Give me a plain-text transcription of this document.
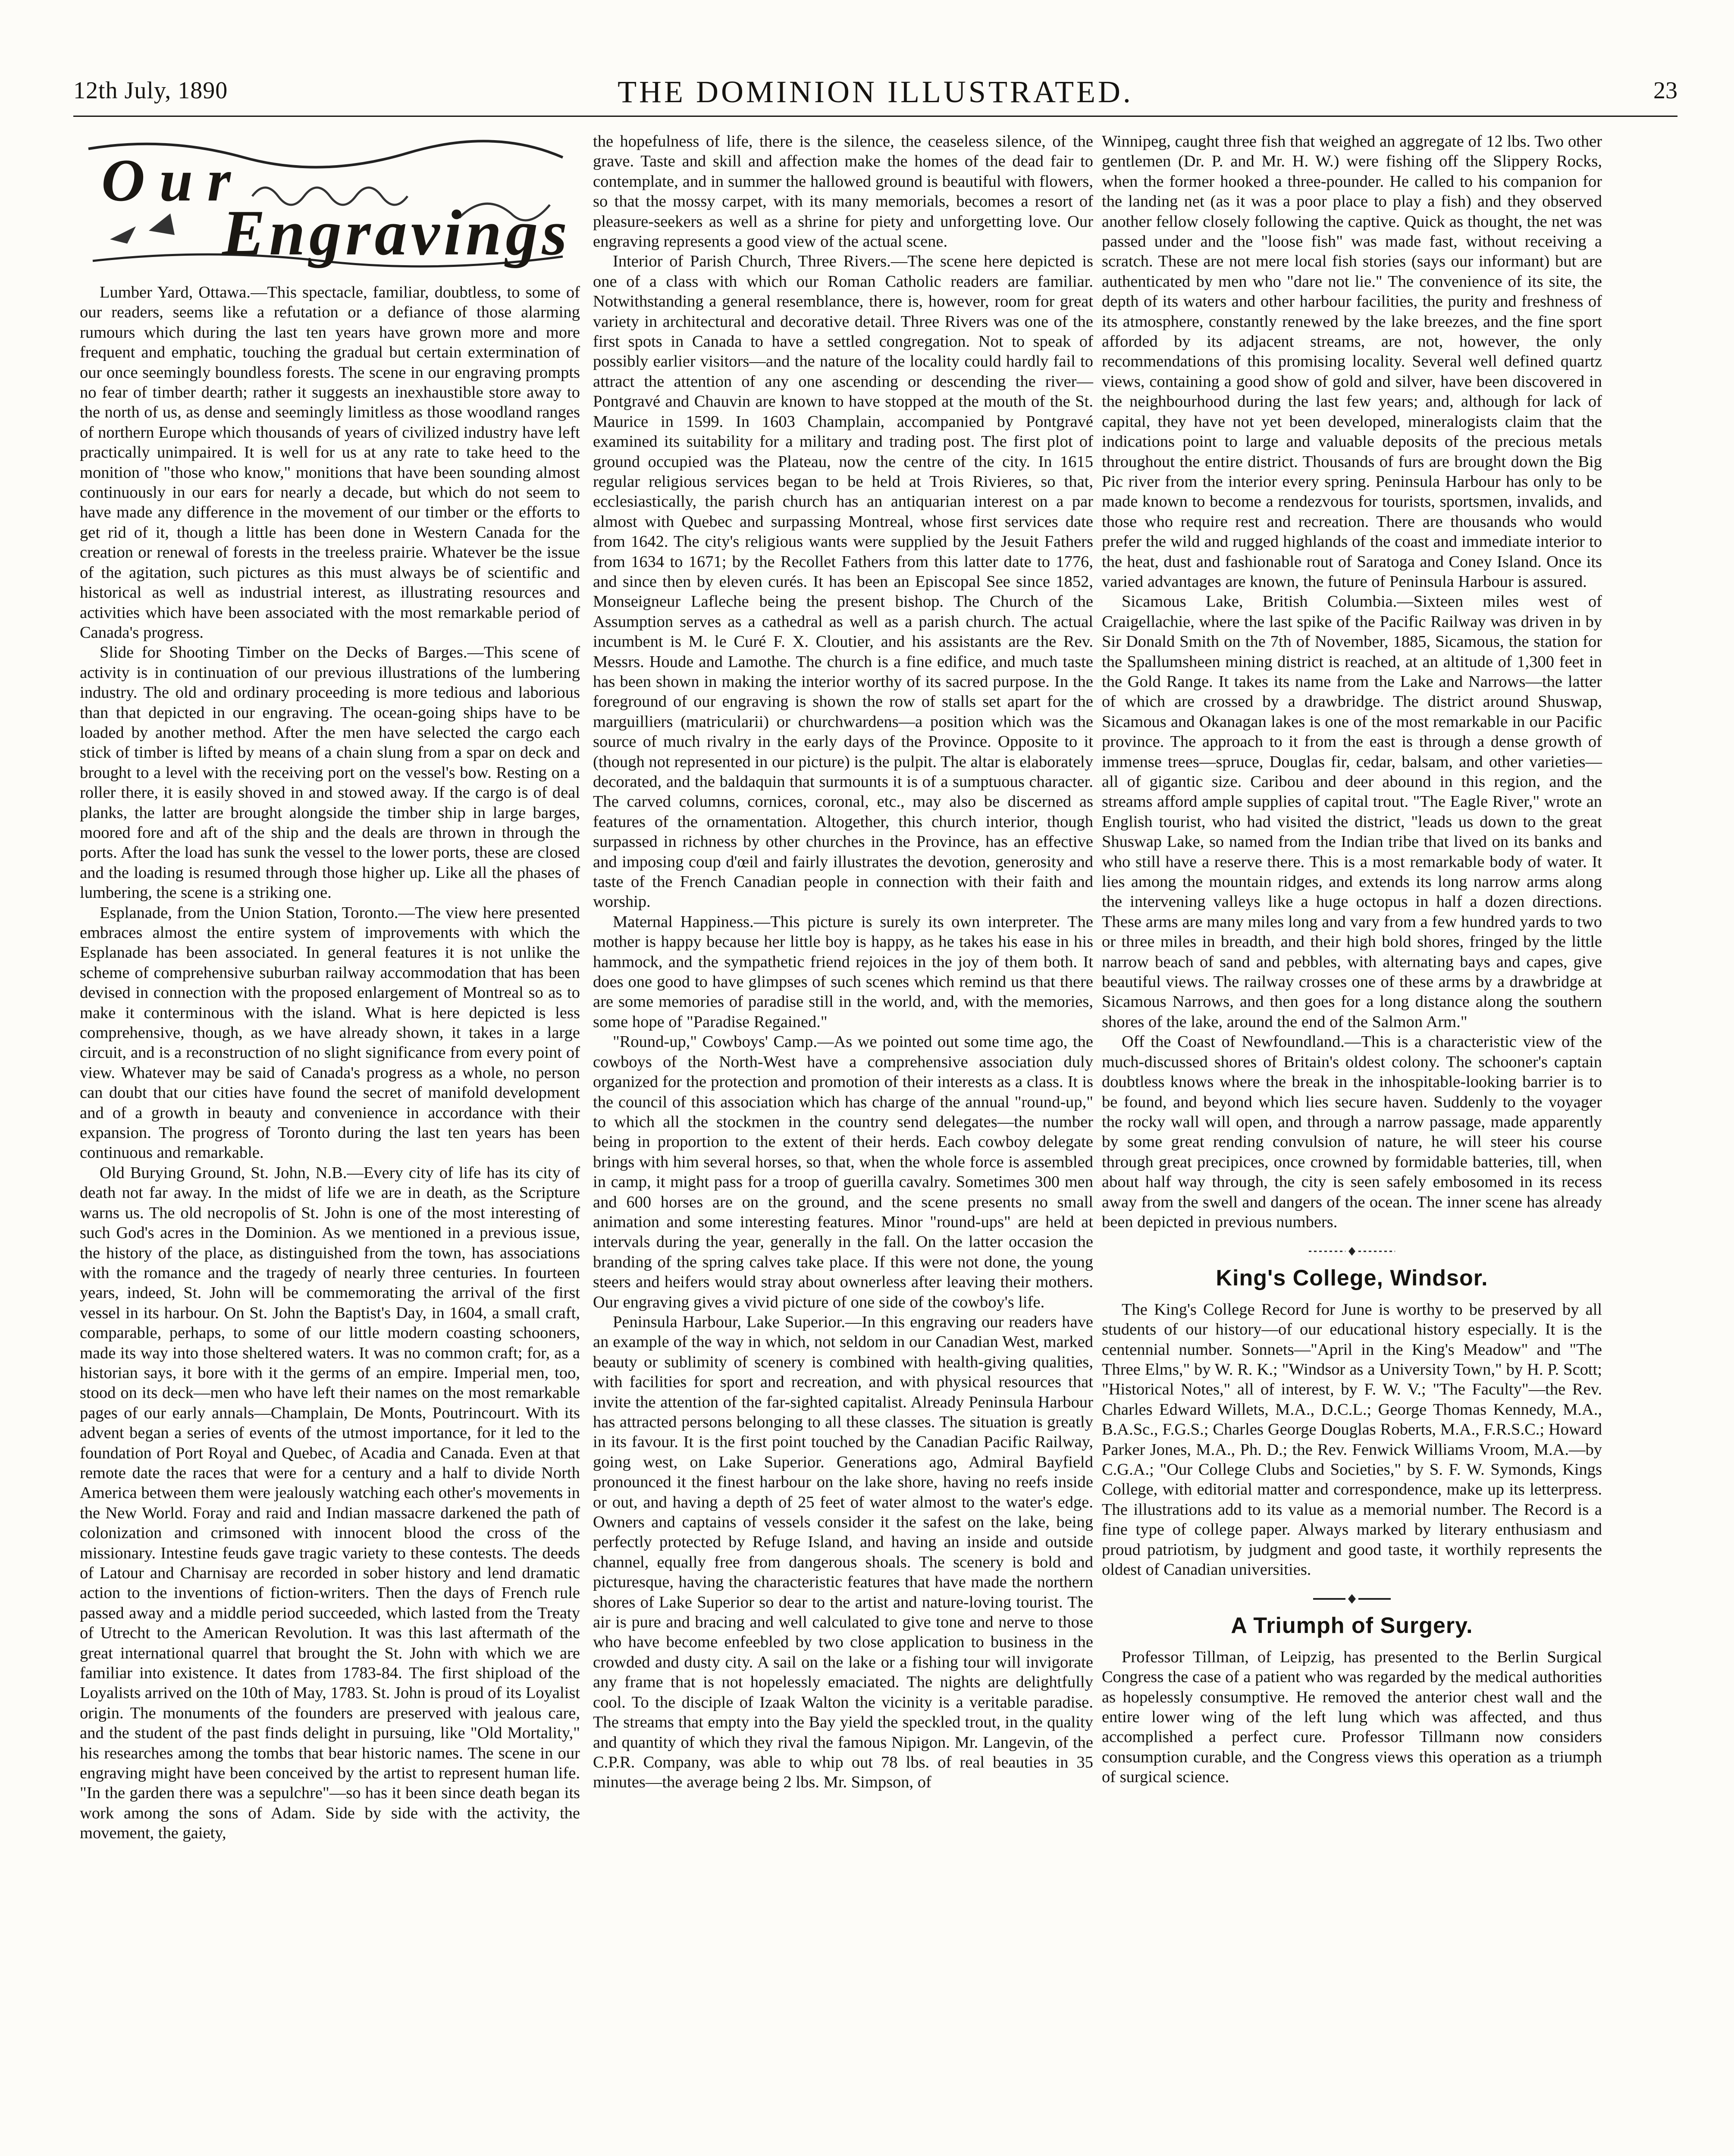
12th July, 1890	THE DOMINION ILLUSTRATED.	23
Our
Engravings

Lumber Yard, Ottawa.—This spectacle, familiar, doubtless, to some of our readers, seems like a refutation or a defiance of those alarming rumours which during the last ten years have grown more and more frequent and emphatic, touching the gradual but certain extermination of our once seemingly boundless forests. The scene in our engraving prompts no fear of timber dearth; rather it suggests an inexhaustible store away to the north of us, as dense and seemingly limitless as those woodland ranges of northern Europe which thousands of years of civilized industry have left practically unimpaired. It is well for us at any rate to take heed to the monition of "those who know," monitions that have been sounding almost continuously in our ears for nearly a decade, but which do not seem to have made any difference in the movement of our timber or the efforts to get rid of it, though a little has been done in Western Canada for the creation or renewal of forests in the treeless prairie. Whatever be the issue of the agitation, such pictures as this must always be of scientific and historical as well as industrial interest, as illustrating resources and activities which have been associated with the most remarkable period of Canada's progress.

Slide for Shooting Timber on the Decks of Barges.—This scene of activity is in continuation of our previous illustrations of the lumbering industry. The old and ordinary proceeding is more tedious and laborious than that depicted in our engraving. The ocean-going ships have to be loaded by another method. After the men have selected the cargo each stick of timber is lifted by means of a chain slung from a spar on deck and brought to a level with the receiving port on the vessel's bow. Resting on a roller there, it is easily shoved in and stowed away. If the cargo is of deal planks, the latter are brought alongside the timber ship in large barges, moored fore and aft of the ship and the deals are thrown in through the ports. After the load has sunk the vessel to the lower ports, these are closed and the loading is resumed through those higher up. Like all the phases of lumbering, the scene is a striking one.

Esplanade, from the Union Station, Toronto.—The view here presented embraces almost the entire system of improvements with which the Esplanade has been associated. In general features it is not unlike the scheme of comprehensive suburban railway accommodation that has been devised in connection with the proposed enlargement of Montreal so as to make it conterminous with the island. What is here depicted is less comprehensive, though, as we have already shown, it takes in a large circuit, and is a reconstruction of no slight significance from every point of view. Whatever may be said of Canada's progress as a whole, no person can doubt that our cities have found the secret of manifold development and of a growth in beauty and convenience in accordance with their expansion. The progress of Toronto during the last ten years has been continuous and remarkable.

Old Burying Ground, St. John, N.B.—Every city of life has its city of death not far away. In the midst of life we are in death, as the Scripture warns us. The old necropolis of St. John is one of the most interesting of such God's acres in the Dominion. As we mentioned in a previous issue, the history of the place, as distinguished from the town, has associations with the romance and the tragedy of nearly three centuries. In fourteen years, indeed, St. John will be commemorating the arrival of the first vessel in its harbour. On St. John the Baptist's Day, in 1604, a small craft, comparable, perhaps, to some of our little modern coasting schooners, made its way into those sheltered waters. It was no common craft; for, as a historian says, it bore with it the germs of an empire. Imperial men, too, stood on its deck—men who have left their names on the most remarkable pages of our early annals—Champlain, De Monts, Poutrincourt. With its advent began a series of events of the utmost importance, for it led to the foundation of Port Royal and Quebec, of Acadia and Canada. Even at that remote date the races that were for a century and a half to divide North America between them were jealously watching each other's movements in the New World. Foray and raid and Indian massacre darkened the path of colonization and crimsoned with innocent blood the cross of the missionary. Intestine feuds gave tragic variety to these contests. The deeds of Latour and Charnisay are recorded in sober history and lend dramatic action to the inventions of fiction-writers. Then the days of French rule passed away and a middle period succeeded, which lasted from the Treaty of Utrecht to the American Revolution. It was this last aftermath of the great international quarrel that brought the St. John with which we are familiar into existence. It dates from 1783-84. The first shipload of the Loyalists arrived on the 10th of May, 1783. St. John is proud of its Loyalist origin. The monuments of the founders are preserved with jealous care, and the student of the past finds delight in pursuing, like "Old Mortality," his researches among the tombs that bear historic names. The scene in our engraving might have been conceived by the artist to represent human life. "In the garden there was a sepulchre"—so has it been since death began its work among the sons of Adam. Side by side with the activity, the movement, the gaiety,

the hopefulness of life, there is the silence, the ceaseless silence, of the grave. Taste and skill and affection make the homes of the dead fair to contemplate, and in summer the hallowed ground is beautiful with flowers, so that the mossy carpet, with its many memorials, becomes a resort of pleasure-seekers as well as a shrine for piety and unforgetting love. Our engraving represents a good view of the actual scene.

Interior of Parish Church, Three Rivers.—The scene here depicted is one of a class with which our Roman Catholic readers are familiar. Notwithstanding a general resemblance, there is, however, room for great variety in architectural and decorative detail. Three Rivers was one of the first spots in Canada to have a settled congregation. Not to speak of possibly earlier visitors—and the nature of the locality could hardly fail to attract the attention of any one ascending or descending the river—Pontgravé and Chauvin are known to have stopped at the mouth of the St. Maurice in 1599. In 1603 Champlain, accompanied by Pontgravé examined its suitability for a military and trading post. The first plot of ground occupied was the Plateau, now the centre of the city. In 1615 regular religious services began to be held at Trois Rivieres, so that, ecclesiastically, the parish church has an antiquarian interest on a par almost with Quebec and surpassing Montreal, whose first services date from 1642. The city's religious wants were supplied by the Jesuit Fathers from 1634 to 1671; by the Recollet Fathers from this latter date to 1776, and since then by eleven curés. It has been an Episcopal See since 1852, Monseigneur Lafleche being the present bishop. The Church of the Assumption serves as a cathedral as well as a parish church. The actual incumbent is M. le Curé F. X. Cloutier, and his assistants are the Rev. Messrs. Houde and Lamothe. The church is a fine edifice, and much taste has been shown in making the interior worthy of its sacred purpose. In the foreground of our engraving is shown the row of stalls set apart for the marguilliers (matricularii) or churchwardens—a position which was the source of much rivalry in the early days of the Province. Opposite to it (though not represented in our picture) is the pulpit. The altar is elaborately decorated, and the baldaquin that surmounts it is of a sumptuous character. The carved columns, cornices, coronal, etc., may also be discerned as features of the ornamentation. Altogether, this church interior, though surpassed in richness by other churches in the Province, has an effective and imposing coup d'œil and fairly illustrates the devotion, generosity and taste of the French Canadian people in connection with their faith and worship.

Maternal Happiness.—This picture is surely its own interpreter. The mother is happy because her little boy is happy, as he takes his ease in his hammock, and the sympathetic friend rejoices in the joy of them both. It does one good to have glimpses of such scenes which remind us that there are some memories of paradise still in the world, and, with the memories, some hope of "Paradise Regained."

"Round-up," Cowboys' Camp.—As we pointed out some time ago, the cowboys of the North-West have a comprehensive association duly organized for the protection and promotion of their interests as a class. It is the council of this association which has charge of the annual "round-up," to which all the stockmen in the country send delegates—the number being in proportion to the extent of their herds. Each cowboy delegate brings with him several horses, so that, when the whole force is assembled in camp, it might pass for a troop of guerilla cavalry. Sometimes 300 men and 600 horses are on the ground, and the scene presents no small animation and some interesting features. Minor "round-ups" are held at intervals during the year, generally in the fall. On the latter occasion the branding of the spring calves take place. If this were not done, the young steers and heifers would stray about ownerless after leaving their mothers. Our engraving gives a vivid picture of one side of the cowboy's life.

Peninsula Harbour, Lake Superior.—In this engraving our readers have an example of the way in which, not seldom in our Canadian West, marked beauty or sublimity of scenery is combined with health-giving qualities, with facilities for sport and recreation, and with physical resources that invite the attention of the far-sighted capitalist. Already Peninsula Harbour has attracted persons belonging to all these classes. The situation is greatly in its favour. It is the first point touched by the Canadian Pacific Railway, going west, on Lake Superior. Generations ago, Admiral Bayfield pronounced it the finest harbour on the lake shore, having no reefs inside or out, and having a depth of 25 feet of water almost to the water's edge. Owners and captains of vessels consider it the safest on the lake, being perfectly protected by Refuge Island, and having an inside and outside channel, equally free from dangerous shoals. The scenery is bold and picturesque, having the characteristic features that have made the northern shores of Lake Superior so dear to the artist and nature-loving tourist. The air is pure and bracing and well calculated to give tone and nerve to those who have become enfeebled by two close application to business in the crowded and dusty city. A sail on the lake or a fishing tour will invigorate any frame that is not hopelessly emaciated. The nights are delightfully cool. To the disciple of Izaak Walton the vicinity is a veritable paradise. The streams that empty into the Bay yield the speckled trout, in the quality and quantity of which they rival the famous Nipigon. Mr. Langevin, of the C.P.R. Company, was able to whip out 78 lbs. of real beauties in 35 minutes—the average being 2 lbs. Mr. Simpson, of

Winnipeg, caught three fish that weighed an aggregate of 12 lbs. Two other gentlemen (Dr. P. and Mr. H. W.) were fishing off the Slippery Rocks, when the former hooked a three-pounder. He called to his companion for the landing net (as it was a poor place to play a fish) and they observed another fellow closely following the captive. Quick as thought, the net was passed under and the "loose fish" was made fast, without receiving a scratch. These are not mere local fish stories (says our informant) but are authenticated by men who "dare not lie." The convenience of its site, the depth of its waters and other harbour facilities, the purity and freshness of its atmosphere, constantly renewed by the lake breezes, and the fine sport afforded by its adjacent streams, are not, however, the only recommendations of this promising locality. Several well defined quartz views, containing a good show of gold and silver, have been discovered in the neighbourhood during the last few years; and, although for lack of capital, they have not yet been developed, mineralogists claim that the indications point to large and valuable deposits of the precious metals throughout the entire district. Thousands of furs are brought down the Big Pic river from the interior every spring. Peninsula Harbour has only to be made known to become a rendezvous for tourists, sportsmen, invalids, and those who require rest and recreation. There are thousands who would prefer the wild and rugged highlands of the coast and immediate interior to the heat, dust and fashionable rout of Saratoga and Coney Island. Once its varied advantages are known, the future of Peninsula Harbour is assured.

Sicamous Lake, British Columbia.—Sixteen miles west of Craigellachie, where the last spike of the Pacific Railway was driven in by Sir Donald Smith on the 7th of November, 1885, Sicamous, the station for the Spallumsheen mining district is reached, at an altitude of 1,300 feet in the Gold Range. It takes its name from the Lake and Narrows—the latter of which are crossed by a drawbridge. The district around Shuswap, Sicamous and Okanagan lakes is one of the most remarkable in our Pacific province. The approach to it from the east is through a dense growth of immense trees—spruce, Douglas fir, cedar, balsam, and other varieties—all of gigantic size. Caribou and deer abound in this region, and the streams afford ample supplies of capital trout. "The Eagle River," wrote an English tourist, who had visited the district, "leads us down to the great Shuswap Lake, so named from the Indian tribe that lived on its banks and who still have a reserve there. This is a most remarkable body of water. It lies among the mountain ridges, and extends its long narrow arms along the intervening valleys like a huge octopus in half a dozen directions. These arms are many miles long and vary from a few hundred yards to two or three miles in breadth, and their high bold shores, fringed by the little narrow beach of sand and pebbles, with alternating bays and capes, give beautiful views. The railway crosses one of these arms by a drawbridge at Sicamous Narrows, and then goes for a long distance along the southern shores of the lake, around the end of the Salmon Arm."

Off the Coast of Newfoundland.—This is a characteristic view of the much-discussed shores of Britain's oldest colony. The schooner's captain doubtless knows where the break in the inhospitable-looking barrier is to be found, and beyond which lies secure haven. Suddenly to the voyager the rocky wall will open, and through a narrow passage, made apparently by some great rending convulsion of nature, he will steer his course through great precipices, once crowned by formidable batteries, till, when about half way through, the city is seen safely embosomed in its recess away from the swell and dangers of the ocean. The inner scene has already been depicted in previous numbers.

King's College, Windsor.

The King's College Record for June is worthy to be preserved by all students of our history—of our educational history especially. It is the centennial number. Sonnets—"April in the King's Meadow" and "The Three Elms," by W. R. K.; "Windsor as a University Town," by H. P. Scott; "Historical Notes," all of interest, by F. W. V.; "The Faculty"—the Rev. Charles Edward Willets, M.A., D.C.L.; George Thomas Kennedy, M.A., B.A.Sc., F.G.S.; Charles George Douglas Roberts, M.A., F.R.S.C.; Howard Parker Jones, M.A., Ph. D.; the Rev. Fenwick Williams Vroom, M.A.—by C.G.A.; "Our College Clubs and Societies," by S. F. W. Symonds, Kings College, with editorial matter and correspondence, make up its letterpress. The illustrations add to its value as a memorial number. The Record is a fine type of college paper. Always marked by literary enthusiasm and proud patriotism, by judgment and good taste, it worthily represents the oldest of Canadian universities.

A Triumph of Surgery.

Professor Tillman, of Leipzig, has presented to the Berlin Surgical Congress the case of a patient who was regarded by the medical authorities as hopelessly consumptive. He removed the anterior chest wall and the entire lower wing of the left lung which was affected, and thus accomplished a perfect cure. Professor Tillmann now considers consumption curable, and the Congress views this operation as a triumph of surgical science.
